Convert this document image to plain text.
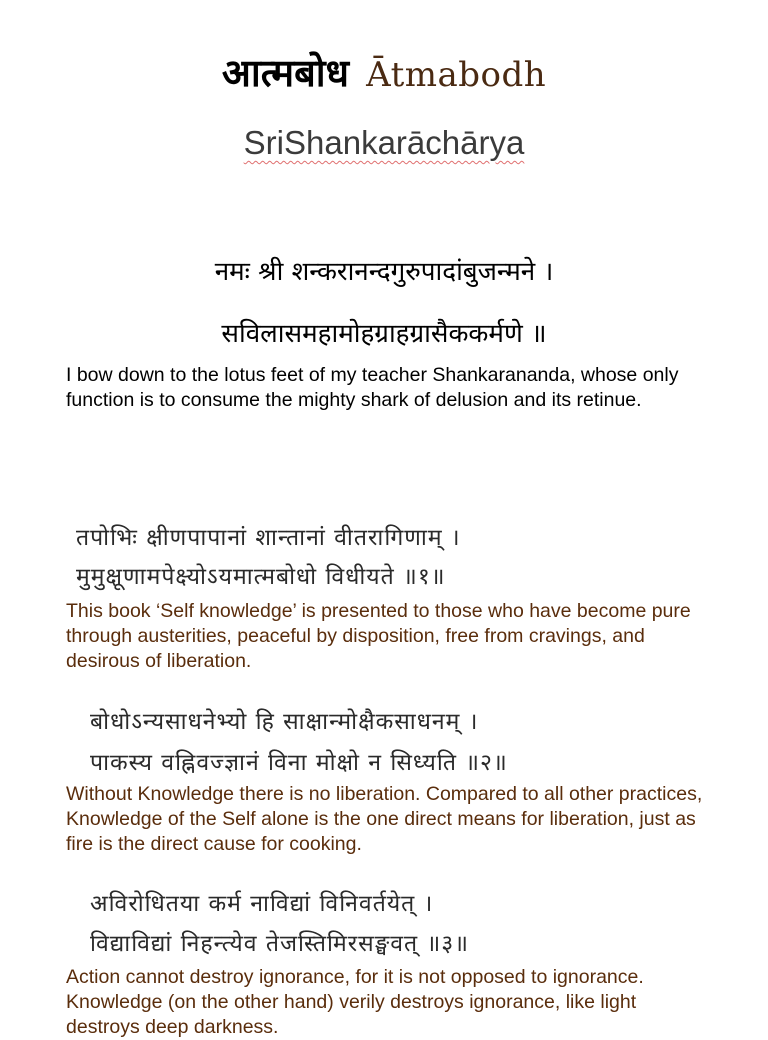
आत्मबोध Ātmabodh
SriShankarāchārya
नमः श्री शन्करानन्दगुरुपादांबुजन्मने ।
सविलासमहामोहग्राहग्रासैककर्मणे ॥
I bow down to the lotus feet of my teacher Shankarananda, whose only function is to consume the mighty shark of delusion and its retinue.
तपोभिः क्षीणपापानां शान्तानां वीतरागिणाम् ।
मुमुक्षूणामपेक्ष्योऽयमात्मबोधो विधीयते ॥१॥
This book ‘Self knowledge’ is presented to those who have become pure through austerities, peaceful by disposition, free from cravings, and desirous of liberation.
बोधोऽन्यसाधनेभ्यो हि साक्षान्मोक्षैकसाधनम् ।
पाकस्य वह्निवज्ज्ञानं विना मोक्षो न सिध्यति ॥२॥
Without Knowledge there is no liberation. Compared to all other practices, Knowledge of the Self alone is the one direct means for liberation, just as fire is the direct cause for cooking.
अविरोधितया कर्म नाविद्यां विनिवर्तयेत् ।
विद्याविद्यां निहन्त्येव तेजस्तिमिरसङ्घवत् ॥३॥
Action cannot destroy ignorance, for it is not opposed to ignorance. Knowledge (on the other hand) verily destroys ignorance, like light destroys deep darkness.
